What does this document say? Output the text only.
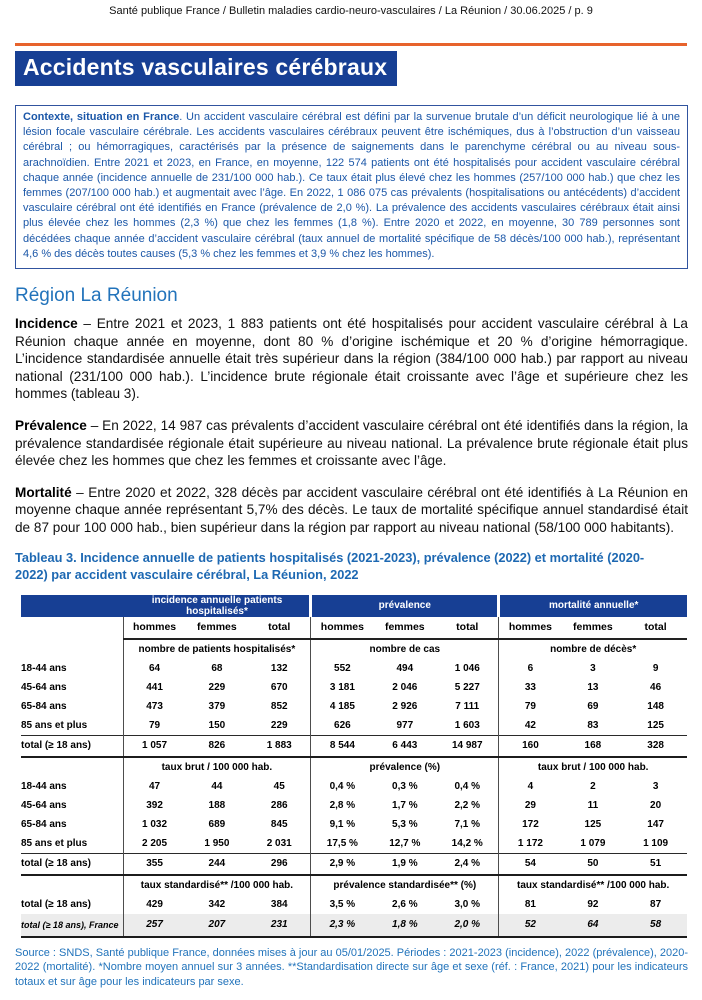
Santé publique France / Bulletin maladies cardio-neuro-vasculaires / La Réunion / 30.06.2025 / p. 9
Accidents vasculaires cérébraux
Contexte, situation en France. Un accident vasculaire cérébral est défini par la survenue brutale d’un déficit neurologique lié à une lésion focale vasculaire cérébrale. Les accidents vasculaires cérébraux peuvent être ischémiques, dus à l’obstruction d’un vaisseau cérébral ; ou hémorragiques, caractérisés par la présence de saignements dans le parenchyme cérébral ou au niveau sous-arachnoïdien. Entre 2021 et 2023, en France, en moyenne, 122 574 patients ont été hospitalisés pour accident vasculaire cérébral chaque année (incidence annuelle de 231/100 000 hab.). Ce taux était plus élevé chez les hommes (257/100 000 hab.) que chez les femmes (207/100 000 hab.) et augmentait avec l’âge. En 2022, 1 086 075 cas prévalents (hospitalisations ou antécédents) d’accident vasculaire cérébral ont été identifiés en France (prévalence de 2,0 %). La prévalence des accidents vasculaires cérébraux était ainsi plus élevée chez les hommes (2,3 %) que chez les femmes (1,8 %). Entre 2020 et 2022, en moyenne, 30 789 personnes sont décédées chaque année d’accident vasculaire cérébral (taux annuel de mortalité spécifique de 58 décès/100 000 hab.), représentant 4,6 % des décès toutes causes (5,3 % chez les femmes et 3,9 % chez les hommes).
Région La Réunion

Incidence – Entre 2021 et 2023, 1 883 patients ont été hospitalisés pour accident vasculaire cérébral à La Réunion chaque année en moyenne, dont 80 % d’origine ischémique et 20 % d’origine hémorragique. L’incidence standardisée annuelle était très supérieur dans la région (384/100 000 hab.) par rapport au niveau national (231/100 000 hab.). L’incidence brute régionale était croissante avec l’âge et supérieure chez les hommes (tableau 3).

Prévalence – En 2022, 14 987 cas prévalents d’accident vasculaire cérébral ont été identifiés dans la région, la prévalence standardisée régionale était supérieure au niveau national. La prévalence brute régionale était plus élevée chez les hommes que chez les femmes et croissante avec l’âge.

Mortalité – Entre 2020 et 2022, 328 décès par accident vasculaire cérébral ont été identifiés à La Réunion en moyenne chaque année représentant 5,7% des décès. Le taux de mortalité spécifique annuel standardisé était de 87 pour 100 000 hab., bien supérieur dans la région par rapport au niveau national (58/100 000 habitants).

Tableau 3. Incidence annuelle de patients hospitalisés (2021-2023), prévalence (2022) et mortalité (2020-2022) par accident vasculaire cérébral, La Réunion, 2022
incidence annuelle patients hospitalisés*				prévalence			mortalité annuelle*		
	hommes	femmes	total	hommes	femmes	total	hommes	femmes	total
	nombre de patients hospitalisés*			nombre de cas			nombre de décès*		
18-44 ans	64	68	132	552	494	1 046	6	3	9
45-64 ans	441	229	670	3 181	2 046	5 227	33	13	46
65-84 ans	473	379	852	4 185	2 926	7 111	79	69	148
85 ans et plus	79	150	229	626	977	1 603	42	83	125
total (≥ 18 ans)	1 057	826	1 883	8 544	6 443	14 987	160	168	328
	taux brut / 100 000 hab.			prévalence (%)			taux brut / 100 000 hab.		
18-44 ans	47	44	45	0,4 %	0,3 %	0,4 %	4	2	3
45-64 ans	392	188	286	2,8 %	1,7 %	2,2 %	29	11	20
65-84 ans	1 032	689	845	9,1 %	5,3 %	7,1 %	172	125	147
85 ans et plus	2 205	1 950	2 031	17,5 %	12,7 %	14,2 %	1 172	1 079	1 109
total (≥ 18 ans)	355	244	296	2,9 %	1,9 %	2,4 %	54	50	51
	taux standardisé** /100 000 hab.			prévalence standardisée** (%)			taux standardisé** /100 000 hab.		
total (≥ 18 ans)	429	342	384	3,5 %	2,6 %	3,0 %	81	92	87
total (≥ 18 ans), France	257	207	231	2,3 %	1,8 %	2,0 %	52	64	58
Source : SNDS, Santé publique France, données mises à jour au 05/01/2025. Périodes : 2021-2023 (incidence), 2022 (prévalence), 2020-2022 (mortalité). *Nombre moyen annuel sur 3 années. **Standardisation directe sur âge et sexe (réf. : France, 2021) pour les indicateurs totaux et sur âge pour les indicateurs par sexe.
